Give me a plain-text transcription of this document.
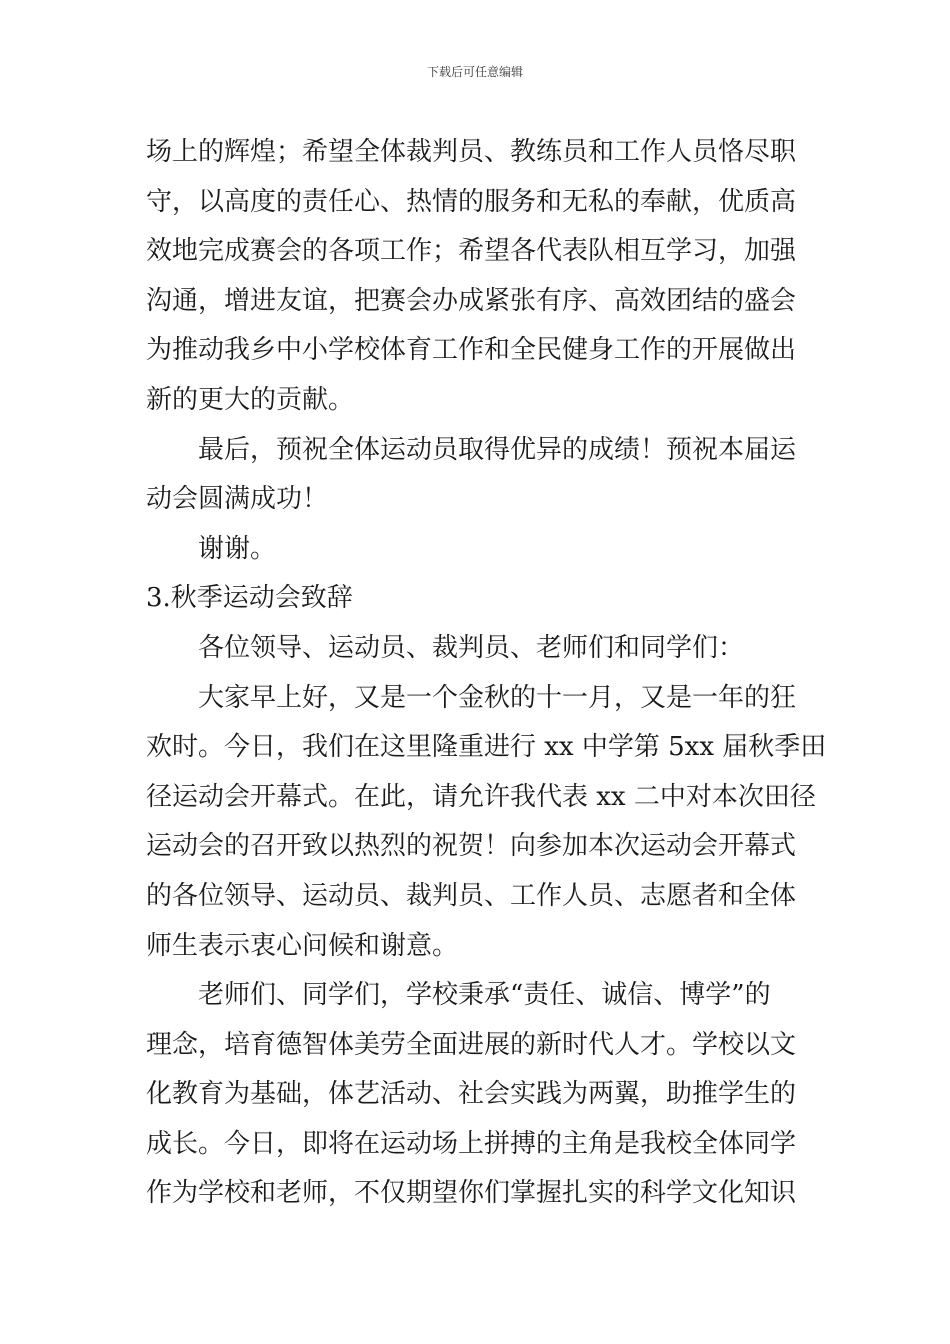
下载后可任意编辑

场上的辉煌；希望全体裁判员、教练员和工作人员恪尽职

守，以高度的责任心、热情的服务和无私的奉献，优质高

效地完成赛会的各项工作；希望各代表队相互学习，加强

沟通，增进友谊，把赛会办成紧张有序、高效团结的盛会

为推动我乡中小学校体育工作和全民健身工作的开展做出

新的更大的贡献。

最后，预祝全体运动员取得优异的成绩！预祝本届运

动会圆满成功！

谢谢。

3.秋季运动会致辞

各位领导、运动员、裁判员、老师们和同学们：

大家早上好，又是一个金秋的十一月，又是一年的狂

欢时。今日，我们在这里隆重进行 xx 中学第 5xx 届秋季田

径运动会开幕式。在此，请允许我代表 xx 二中对本次田径

运动会的召开致以热烈的祝贺！向参加本次运动会开幕式

的各位领导、运动员、裁判员、工作人员、志愿者和全体

师生表示衷心问候和谢意。

老师们、同学们，学校秉承“责任、诚信、博学”的

理念，培育德智体美劳全面进展的新时代人才。学校以文

化教育为基础，体艺活动、社会实践为两翼，助推学生的

成长。今日，即将在运动场上拼搏的主角是我校全体同学

作为学校和老师，不仅期望你们掌握扎实的科学文化知识
